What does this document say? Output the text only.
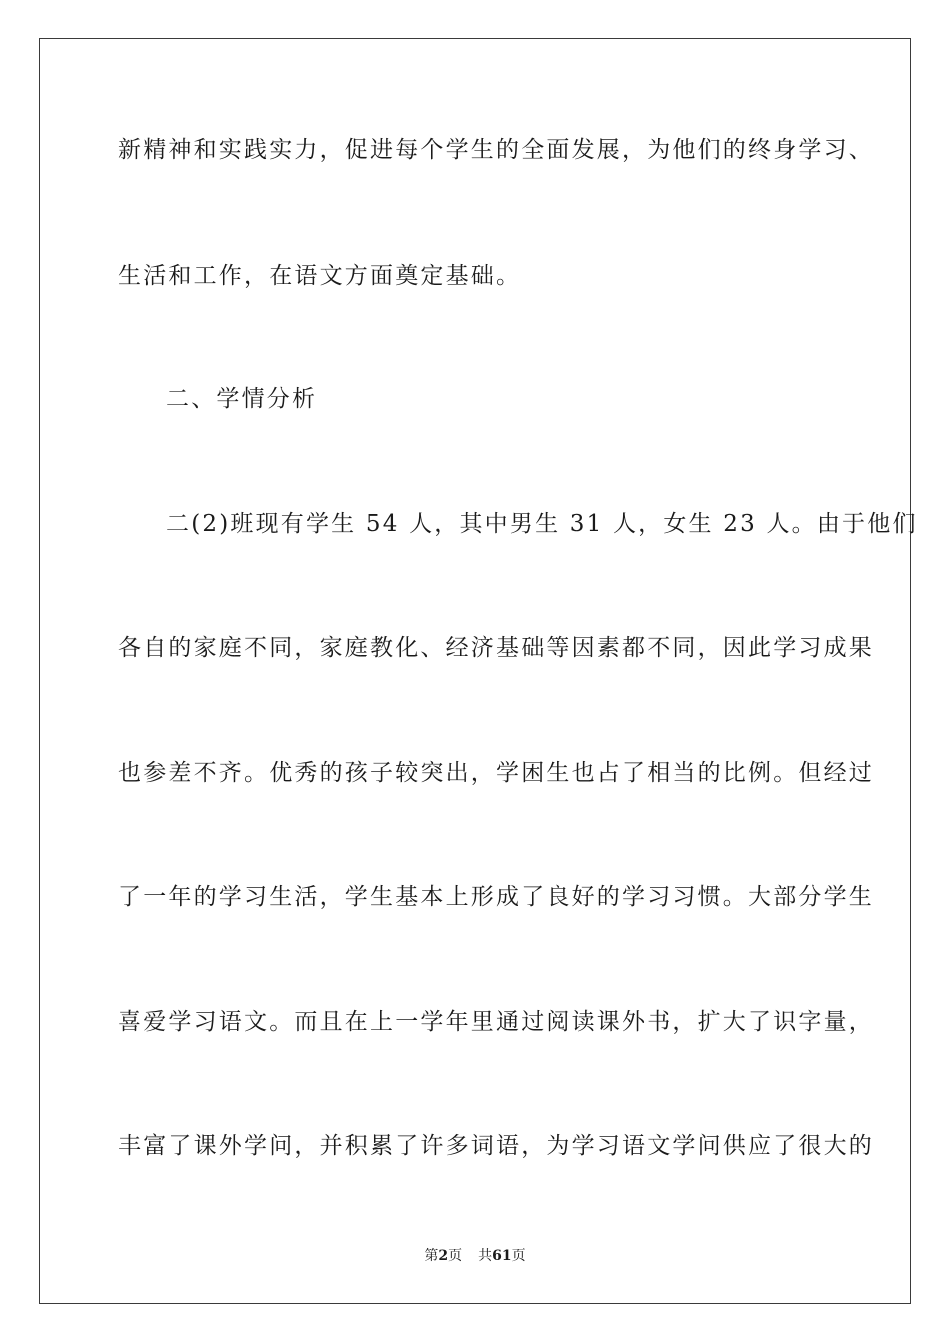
新精神和实践实力，促进每个学生的全面发展，为他们的终身学习、
生活和工作，在语文方面奠定基础。
二、学情分析
二(2)班现有学生 54 人，其中男生 31 人，女生 23 人。由于他们
各自的家庭不同，家庭教化、经济基础等因素都不同，因此学习成果
也参差不齐。优秀的孩子较突出，学困生也占了相当的比例。但经过
了一年的学习生活，学生基本上形成了良好的学习习惯。大部分学生
喜爱学习语文。而且在上一学年里通过阅读课外书，扩大了识字量，
丰富了课外学问，并积累了许多词语，为学习语文学问供应了很大的
第2页 共61页
